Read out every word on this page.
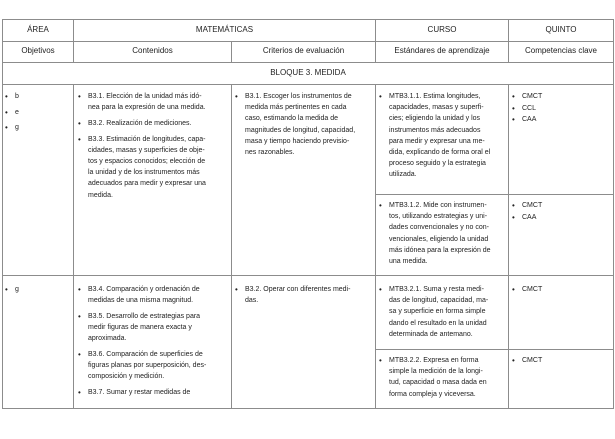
ÁREA	MATEMÁTICAS	CURSO	QUINTO
Objetivos	Contenidos	Criterios de evaluación	Estándares de aprendizaje	Competencias clave
BLOQUE 3. MEDIDA
• b
• e
• g
• B3.1. Elección de la unidad más idó-
nea para la expresión de una medida.
• B3.2. Realización de mediciones.
• B3.3. Estimación de longitudes, capa-
cidades, masas y superficies de obje-
tos y espacios conocidos; elección de
la unidad y de los instrumentos más
adecuados para medir y expresar una
medida.
• B3.1. Escoger los instrumentos de
medida más pertinentes en cada
caso, estimando la medida de
magnitudes de longitud, capacidad,
masa y tiempo haciendo previsio-
nes razonables.
• MTB3.1.1. Estima longitudes,
capacidades, masas y superfi-
cies; eligiendo la unidad y los
instrumentos más adecuados
para medir y expresar una me-
dida, explicando de forma oral el
proceso seguido y la estrategia
utilizada.
• CMCT
• CCL
• CAA
• MTB3.1.2. Mide con instrumen-
tos, utilizando estrategias y uni-
dades convencionales y no con-
vencionales, eligiendo la unidad
más idónea para la expresión de
una medida.
• CMCT
• CAA
• g
•	B3.4. Comparación y ordenación de
medidas de una misma magnitud.
• B3.5. Desarrollo de estrategias para
medir figuras de manera exacta y
aproximada.
• B3.6. Comparación de superficies de
figuras planas por superposición, des-
composición y medición.
• B3.7. Sumar y restar medidas de
• B3.2. Operar con diferentes medi-
das.
• MTB3.2.1. Suma y resta medi-
das de longitud, capacidad, ma-
sa y superficie en forma simple
dando el resultado en la unidad
determinada de antemano.
• CMCT
• MTB3.2.2. Expresa en forma
simple la medición de la longi-
tud, capacidad o masa dada en
forma compleja y viceversa.
• CMCT
